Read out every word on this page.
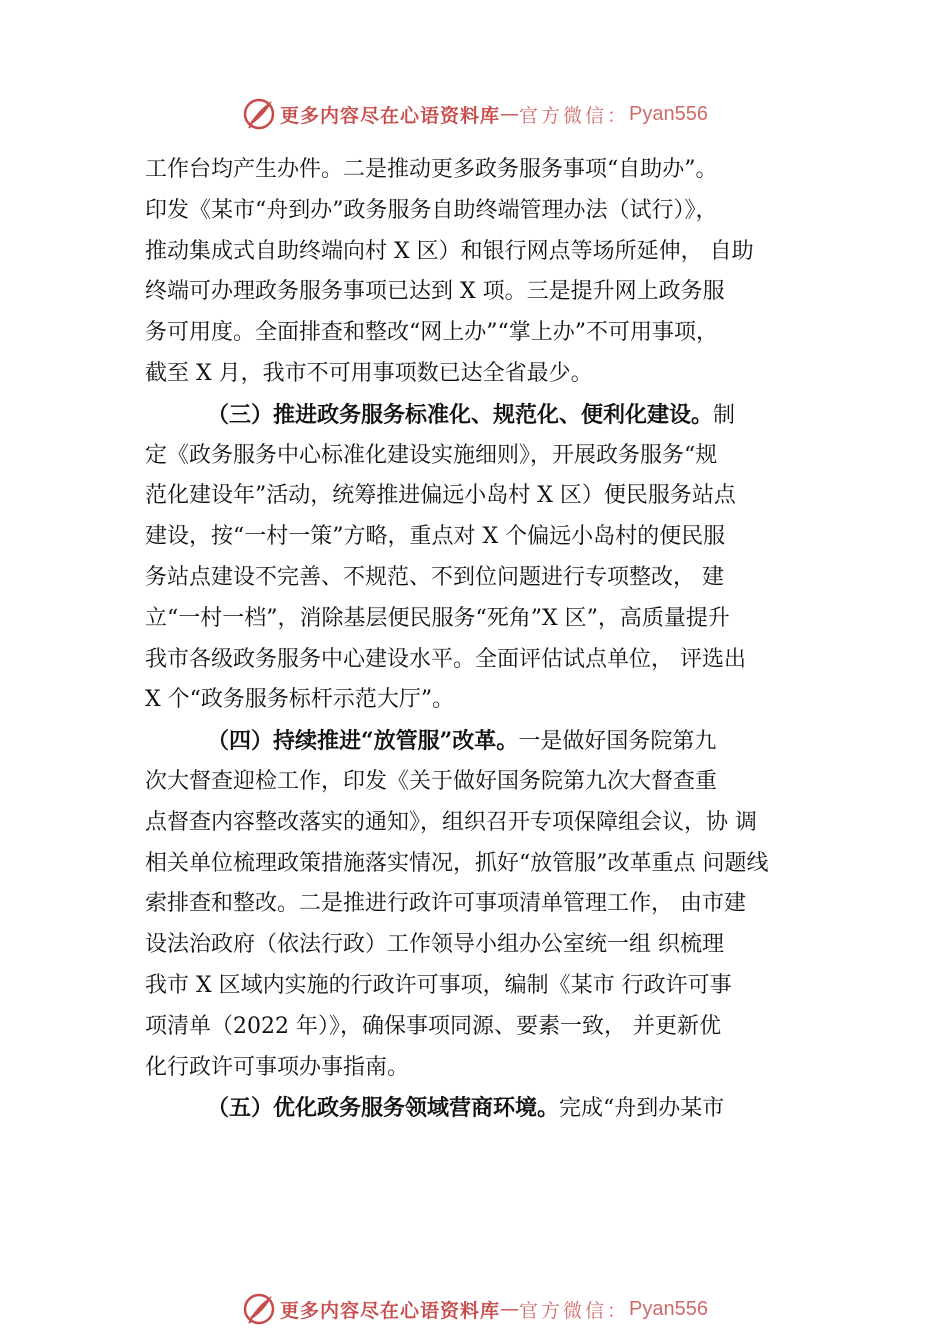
更多内容尽在心语资料库 — 官方微信： Pyan556
工作台均产生办件。二是推动更多政务服务事项“自助办”。
印发《某市“舟到办”政务服务自助终端管理办法（试行）》，
推动集成式自助终端向村 X 区）和银行网点等场所延伸， 自助
终端可办理政务服务事项已达到 X 项。三是提升网上政务服
务可用度。全面排查和整改“网上办”“掌上办”不可用事项，
截至 X 月，我市不可用事项数已达全省最少。
（三）推进政务服务标准化、规范化、便利化建设。制
定《政务服务中心标准化建设实施细则》，开展政务服务“规
范化建设年”活动，统筹推进偏远小岛村 X 区）便民服务站点
建设，按“一村一策”方略，重点对 X 个偏远小岛村的便民服
务站点建设不完善、不规范、不到位问题进行专项整改， 建
立“一村一档”，消除基层便民服务“死角”X 区”，高质量提升
我市各级政务服务中心建设水平。全面评估试点单位， 评选出
X 个“政务服务标杆示范大厅”。
（四）持续推进“放管服”改革。一是做好国务院第九
次大督查迎检工作，印发《关于做好国务院第九次大督查重
点督查内容整改落实的通知》，组织召开专项保障组会议，协 调
相关单位梳理政策措施落实情况，抓好“放管服”改革重点 问题线
索排查和整改。二是推进行政许可事项清单管理工作， 由市建
设法治政府（依法行政）工作领导小组办公室统一组 织梳理
我市 X 区域内实施的行政许可事项，编制《某市 行政许可事
项清单（2022 年）》，确保事项同源、要素一致， 并更新优
化行政许可事项办事指南。
（五）优化政务服务领域营商环境。完成“舟到办某市
更多内容尽在心语资料库 — 官方微信： Pyan556
